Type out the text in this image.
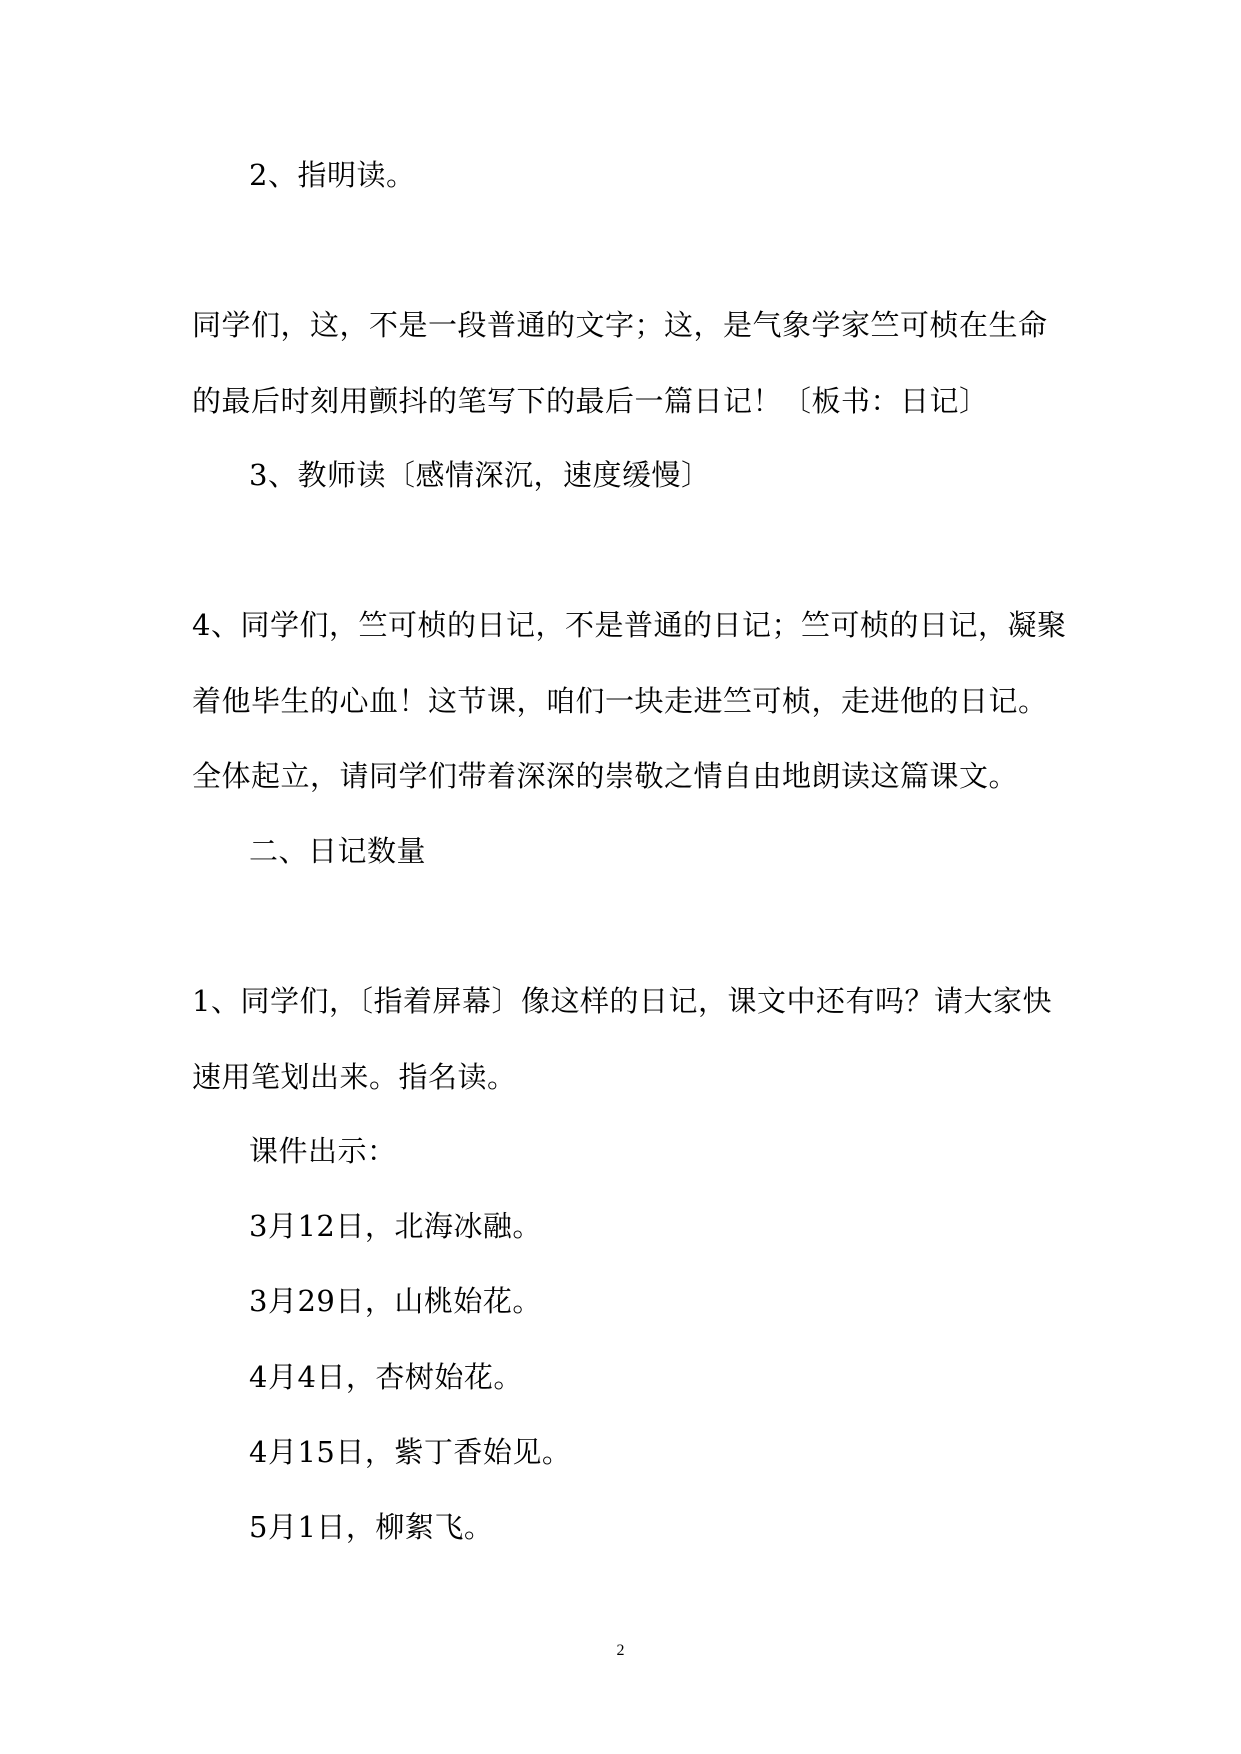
2、指明读。
同学们，这，不是一段普通的文字；这，是气象学家竺可桢在生命
的最后时刻用颤抖的笔写下的最后一篇日记！〔板书：日记〕
3、教师读〔感情深沉，速度缓慢〕
4、同学们，竺可桢的日记，不是普通的日记；竺可桢的日记，凝聚
着他毕生的心血！这节课，咱们一块走进竺可桢，走进他的日记。
全体起立，请同学们带着深深的崇敬之情自由地朗读这篇课文。
二、日记数量
1、同学们，〔指着屏幕〕像这样的日记，课文中还有吗？请大家快
速用笔划出来。指名读。
课件出示：
3月12日，北海冰融。
3月29日，山桃始花。
4月4日，杏树始花。
4月15日，紫丁香始见。
5月1日，柳絮飞。
2
